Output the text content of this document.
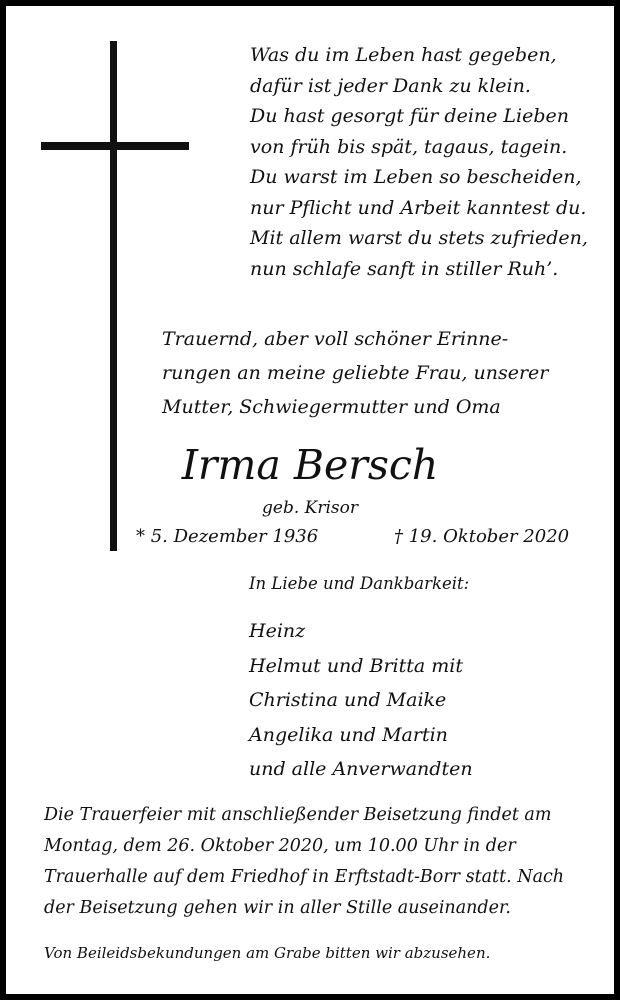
Was du im Leben hast gegeben,
dafür ist jeder Dank zu klein.
Du hast gesorgt für deine Lieben
von früh bis spät, tagaus, tagein.
Du warst im Leben so bescheiden,
nur Pflicht und Arbeit kanntest du.
Mit allem warst du stets zufrieden,
nun schlafe sanft in stiller Ruh’.
Trauernd, aber voll schöner Erinne-
rungen an meine geliebte Frau, unserer
Mutter, Schwiegermutter und Oma
Irma Bersch
geb. Krisor
* 5. Dezember 1936	† 19. Oktober 2020
In Liebe und Dankbarkeit:
Heinz
Helmut und Britta mit
Christina und Maike
Angelika und Martin
und alle Anverwandten
Die Trauerfeier mit anschließender Beisetzung findet am
Montag, dem 26. Oktober 2020, um 10.00 Uhr in der
Trauerhalle auf dem Friedhof in Erftstadt-Borr statt. Nach
der Beisetzung gehen wir in aller Stille auseinander.
Von Beileidsbekundungen am Grabe bitten wir abzusehen.
